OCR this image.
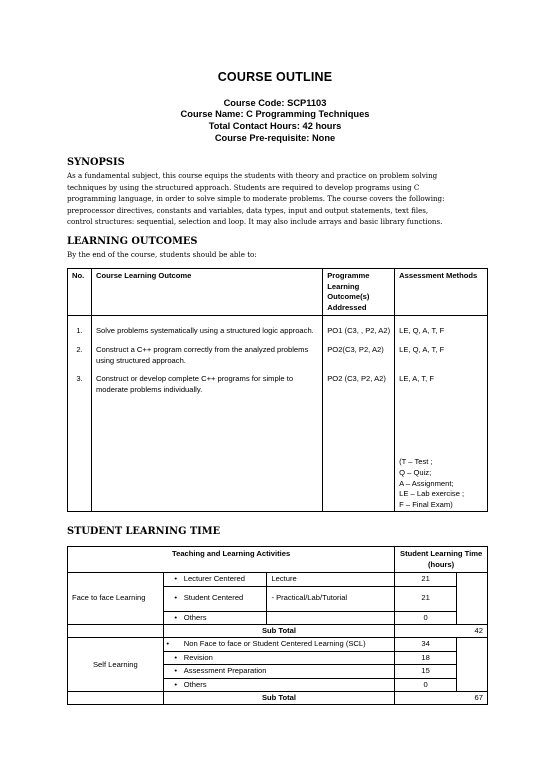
COURSE OUTLINE
Course Code: SCP1103
Course Name: C Programming Techniques
Total Contact Hours: 42 hours
Course Pre-requisite: None
SYNOPSIS
As a fundamental subject, this course equips the students with theory and practice on problem solving
techniques by using the structured approach. Students are required to develop programs using C
programming language, in order to solve simple to moderate problems. The course covers the following:
preprocessor directives, constants and variables, data types, input and output statements, text files,
control structures: sequential, selection and loop. It may also include arrays and basic library functions.
LEARNING OUTCOMES
By the end of the course, students should be able to:
No.	Course Learning Outcome	Programme Learning Outcome(s) Addressed	Assessment Methods
1.	Solve problems systematically using a structured logic approach.	PO1 (C3, , P2, A2)	LE, Q, A, T, F
2.	Construct a C++ program correctly from the analyzed problems using structured approach.	PO2(C3, P2, A2)	LE, Q, A, T, F
3.	Construct or develop complete C++ programs for simple to moderate problems individually.	PO2 (C3, P2, A2)	LE, A, T, F

			(T – Test ;
Q – Quiz;
A – Assignment;
LE – Lab exercise ;
F – Final Exam)
STUDENT LEARNING TIME
Teaching and Learning Activities			Student Learning Time (hours)	
Face to face Learning	• Lecturer Centered	Lecture	21	
	• Student Centered	- Practical/Lab/Tutorial	21	
	• Others		0	
	Sub Total		42	
Self Learning	• Non Face to face or Student Centered Learning (SCL)		34	
	• Revision		18	
	• Assessment Preparation		15	
	• Others		0	
	Sub Total		67	
